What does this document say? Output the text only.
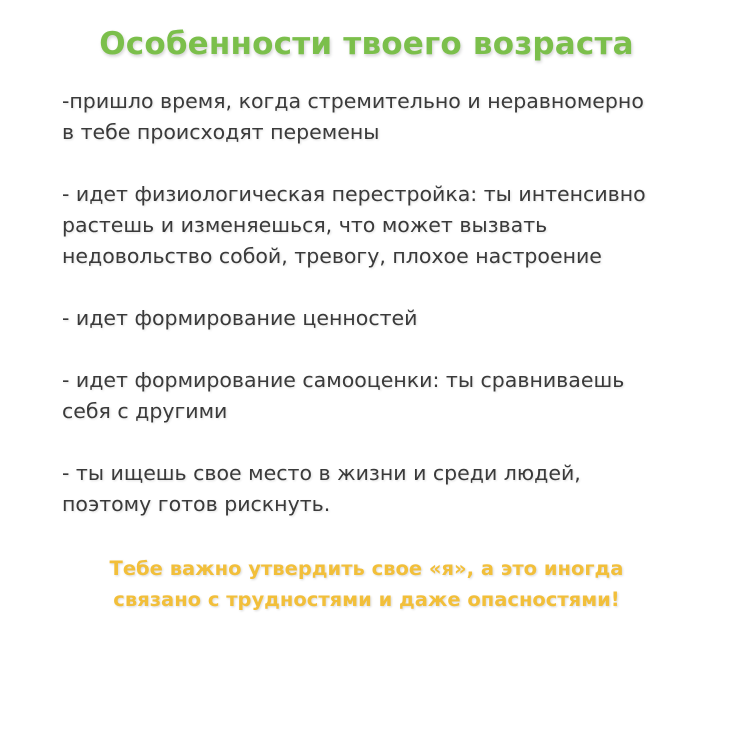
Особенности твоего возраста

-пришло время, когда стремительно и неравномерно
в тебе происходят перемены

- идет физиологическая перестройка: ты интенсивно
растешь и изменяешься, что может вызвать
недовольство собой, тревогу, плохое настроение

- идет формирование ценностей

- идет формирование самооценки: ты сравниваешь
себя с другими

- ты ищешь свое место в жизни и среди людей,
поэтому готов рискнуть.

Тебе важно утвердить свое «я», а это иногда
связано с трудностями и даже опасностями!
